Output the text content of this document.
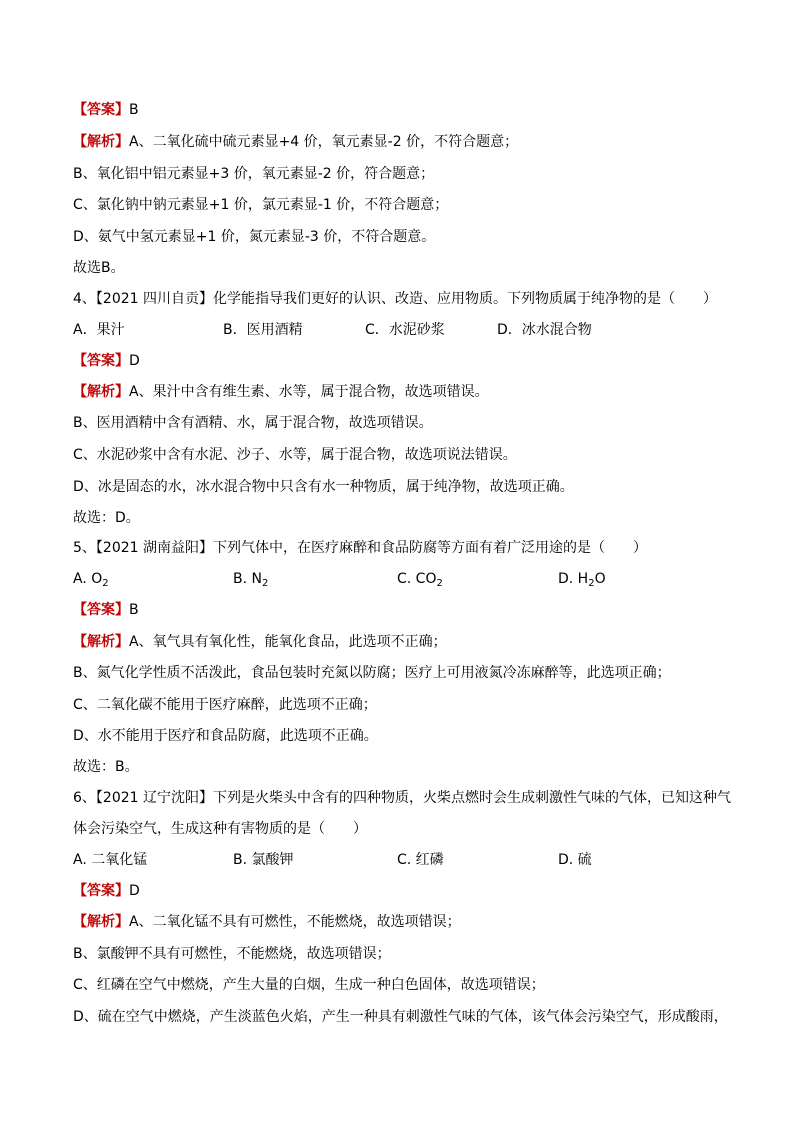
【答案】B
【解析】A、二氧化硫中硫元素显+4 价，氧元素显-2 价，不符合题意；
B、氧化铝中铝元素显+3 价，氧元素显-2 价，符合题意；
C、氯化钠中钠元素显+1 价，氯元素显-1 价，不符合题意；
D、氨气中氢元素显+1 价，氮元素显-3 价，不符合题意。
故选B。
4、【2021 四川自贡】化学能指导我们更好的认识、改造、应用物质。下列物质属于纯净物的是（　　）
A．果汁	B．医用酒精	C．水泥砂浆	D．冰水混合物
【答案】D
【解析】A、果汁中含有维生素、水等，属于混合物，故选项错误。
B、医用酒精中含有酒精、水，属于混合物，故选项错误。
C、水泥砂浆中含有水泥、沙子、水等，属于混合物，故选项说法错误。
D、冰是固态的水，冰水混合物中只含有水一种物质，属于纯净物，故选项正确。
故选：D。
5、【2021 湖南益阳】下列气体中，在医疗麻醉和食品防腐等方面有着广泛用途的是（　　）
A. $O_2$	B. $N_2$	C. $CO_2$	D. $H_2O$
【答案】B
【解析】A、氧气具有氧化性，能氧化食品，此选项不正确；
B、氮气化学性质不活泼此，食品包装时充氮以防腐；医疗上可用液氮冷冻麻醉等，此选项正确；
C、二氧化碳不能用于医疗麻醉，此选项不正确；
D、水不能用于医疗和食品防腐，此选项不正确。
故选：B。
6、【2021 辽宁沈阳】下列是火柴头中含有的四种物质，火柴点燃时会生成刺激性气味的气体，已知这种气
体会污染空气，生成这种有害物质的是（　　）
A. 二氧化锰	B. 氯酸钾	C. 红磷	D. 硫
【答案】D
【解析】A、二氧化锰不具有可燃性，不能燃烧，故选项错误；
B、氯酸钾不具有可燃性，不能燃烧，故选项错误；
C、红磷在空气中燃烧，产生大量的白烟，生成一种白色固体，故选项错误；
D、硫在空气中燃烧，产生淡蓝色火焰，产生一种具有刺激性气味的气体，该气体会污染空气，形成酸雨，
